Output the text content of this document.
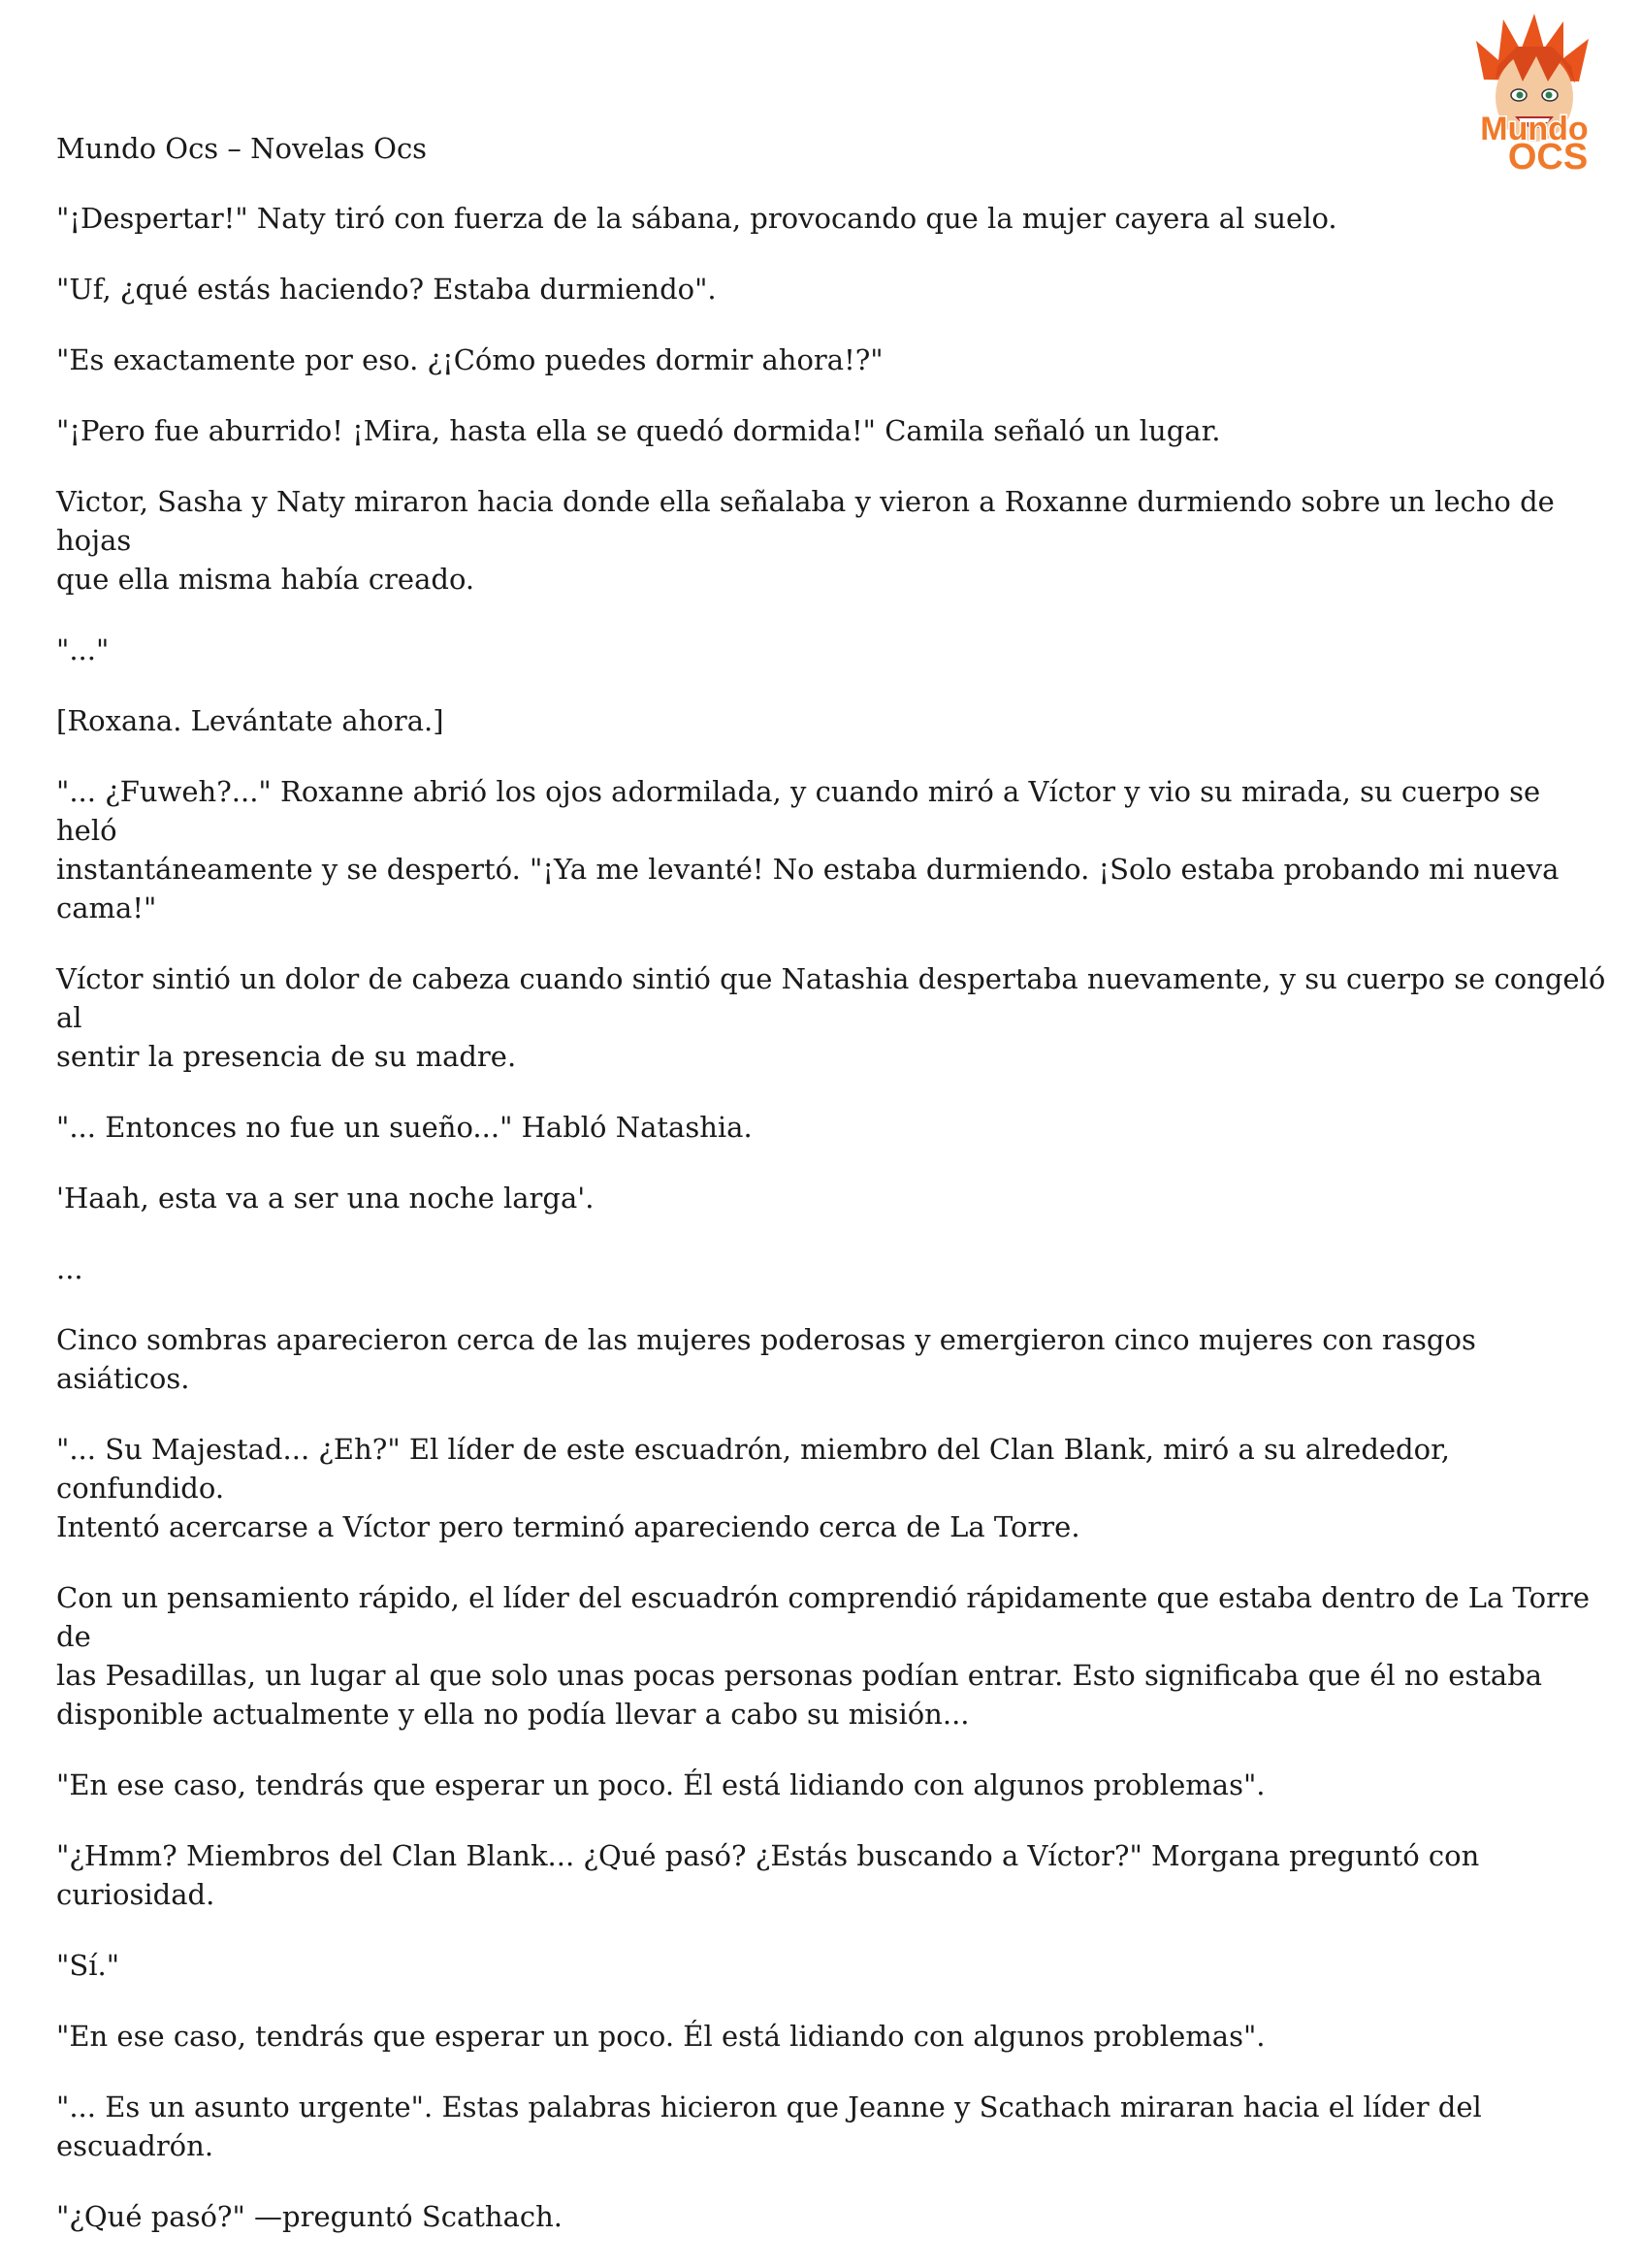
Mundo
OCS
Mundo Ocs – Novelas Ocs

"¡Despertar!" Naty tiró con fuerza de la sábana, provocando que la mujer cayera al suelo.

"Uf, ¿qué estás haciendo? Estaba durmiendo".

"Es exactamente por eso. ¿¡Cómo puedes dormir ahora!?"

"¡Pero fue aburrido! ¡Mira, hasta ella se quedó dormida!" Camila señaló un lugar.

Victor, Sasha y Naty miraron hacia donde ella señalaba y vieron a Roxanne durmiendo sobre un lecho de hojas
que ella misma había creado.

"..."

[Roxana. Levántate ahora.]

"... ¿Fuweh?..." Roxanne abrió los ojos adormilada, y cuando miró a Víctor y vio su mirada, su cuerpo se heló
instantáneamente y se despertó. "¡Ya me levanté! No estaba durmiendo. ¡Solo estaba probando mi nueva cama!"

Víctor sintió un dolor de cabeza cuando sintió que Natashia despertaba nuevamente, y su cuerpo se congeló al
sentir la presencia de su madre.

"... Entonces no fue un sueño..." Habló Natashia.

'Haah, esta va a ser una noche larga'.

...

Cinco sombras aparecieron cerca de las mujeres poderosas y emergieron cinco mujeres con rasgos asiáticos.

"... Su Majestad... ¿Eh?" El líder de este escuadrón, miembro del Clan Blank, miró a su alrededor, confundido.
Intentó acercarse a Víctor pero terminó apareciendo cerca de La Torre.

Con un pensamiento rápido, el líder del escuadrón comprendió rápidamente que estaba dentro de La Torre de
las Pesadillas, un lugar al que solo unas pocas personas podían entrar. Esto significaba que él no estaba
disponible actualmente y ella no podía llevar a cabo su misión...

"En ese caso, tendrás que esperar un poco. Él está lidiando con algunos problemas".

"¿Hmm? Miembros del Clan Blank... ¿Qué pasó? ¿Estás buscando a Víctor?" Morgana preguntó con curiosidad.

"Sí."

"En ese caso, tendrás que esperar un poco. Él está lidiando con algunos problemas".

"... Es un asunto urgente". Estas palabras hicieron que Jeanne y Scathach miraran hacia el líder del escuadrón.

"¿Qué pasó?" —preguntó Scathach.
